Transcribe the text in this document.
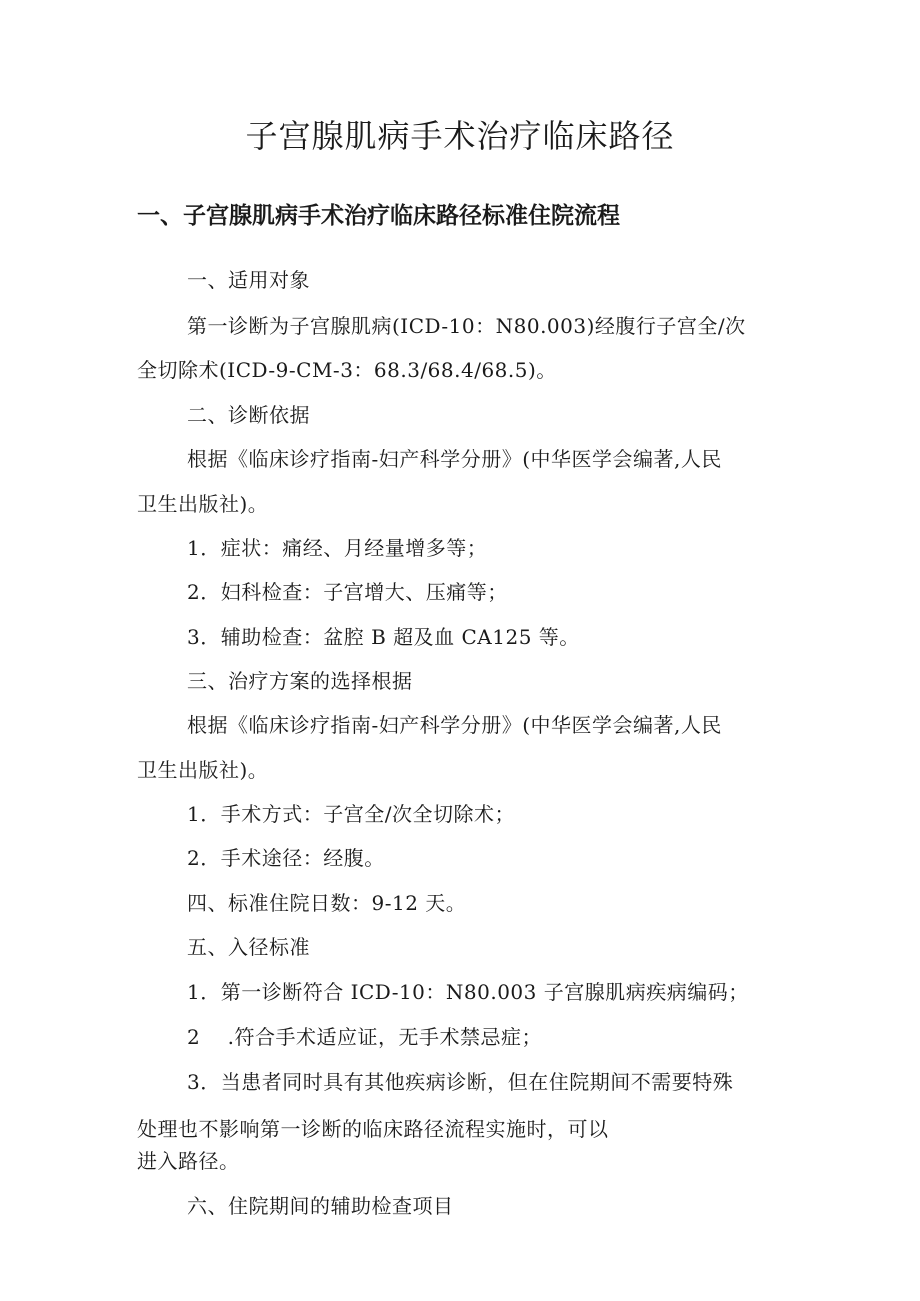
子宫腺肌病手术治疗临床路径
一、子宫腺肌病手术治疗临床路径标准住院流程
一、适用对象
第一诊断为子宫腺肌病(ICD-10：N80.003)经腹行子宫全/次
全切除术(ICD-9-CM-3：68.3/68.4/68.5)。
二、诊断依据
根据《临床诊疗指南-妇产科学分册》(中华医学会编著,人民
卫生出版社)。
1．症状：痛经、月经量增多等；
2．妇科检查：子宫增大、压痛等；
3．辅助检查：盆腔 B 超及血 CA125 等。
三、治疗方案的选择根据
根据《临床诊疗指南-妇产科学分册》(中华医学会编著,人民
卫生出版社)。
1．手术方式：子宫全/次全切除术；
2．手术途径：经腹。
四、标准住院日数：9-12 天。
五、入径标准
1．第一诊断符合 ICD-10：N80.003 子宫腺肌病疾病编码；
2　 .符合手术适应证，无手术禁忌症；
3．当患者同时具有其他疾病诊断，但在住院期间不需要特殊
处理也不影响第一诊断的临床路径流程实施时，可以
进入路径。
六、住院期间的辅助检查项目
